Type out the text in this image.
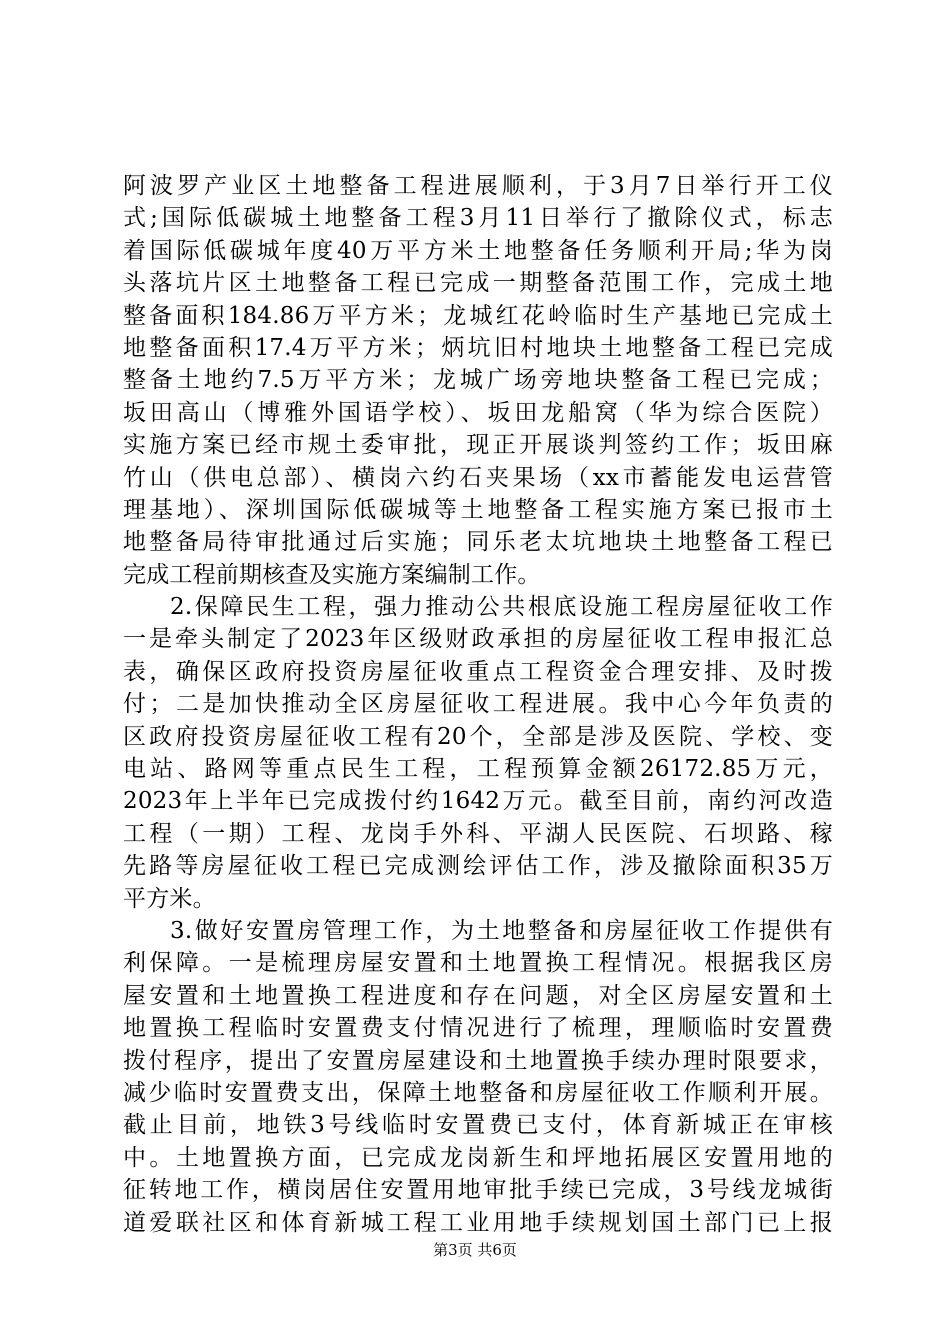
阿波罗产业区土地整备工程进展顺利，于3月7日举行开工仪
式;国际低碳城土地整备工程3月11日举行了撤除仪式，标志
着国际低碳城年度40万平方米土地整备任务顺利开局;华为岗
头落坑片区土地整备工程已完成一期整备范围工作，完成土地
整备面积184.86万平方米；龙城红花岭临时生产基地已完成土
地整备面积17.4万平方米；炳坑旧村地块土地整备工程已完成
整备土地约7.5万平方米；龙城广场旁地块整备工程已完成；
坂田高山（博雅外国语学校）、坂田龙船窝（华为综合医院）
实施方案已经市规土委审批，现正开展谈判签约工作；坂田麻
竹山（供电总部）、横岗六约石夹果场（xx市蓄能发电运营管
理基地）、深圳国际低碳城等土地整备工程实施方案已报市土
地整备局待审批通过后实施；同乐老太坑地块土地整备工程已
完成工程前期核查及实施方案编制工作。
2.保障民生工程，强力推动公共根底设施工程房屋征收工作
一是牵头制定了2023年区级财政承担的房屋征收工程申报汇总
表，确保区政府投资房屋征收重点工程资金合理安排、及时拨
付；二是加快推动全区房屋征收工程进展。我中心今年负责的
区政府投资房屋征收工程有20个，全部是涉及医院、学校、变
电站、路网等重点民生工程，工程预算金额26172.85万元，
2023年上半年已完成拨付约1642万元。截至目前，南约河改造
工程（一期）工程、龙岗手外科、平湖人民医院、石坝路、稼
先路等房屋征收工程已完成测绘评估工作，涉及撤除面积35万
平方米。
3.做好安置房管理工作，为土地整备和房屋征收工作提供有
利保障。一是梳理房屋安置和土地置换工程情况。根据我区房
屋安置和土地置换工程进度和存在问题，对全区房屋安置和土
地置换工程临时安置费支付情况进行了梳理，理顺临时安置费
拨付程序，提出了安置房屋建设和土地置换手续办理时限要求，
减少临时安置费支出，保障土地整备和房屋征收工作顺利开展。
截止目前，地铁3号线临时安置费已支付，体育新城正在审核
中。土地置换方面，已完成龙岗新生和坪地拓展区安置用地的
征转地工作，横岗居住安置用地审批手续已完成，3号线龙城街
道爱联社区和体育新城工程工业用地手续规划国土部门已上报
第3页 共6页
